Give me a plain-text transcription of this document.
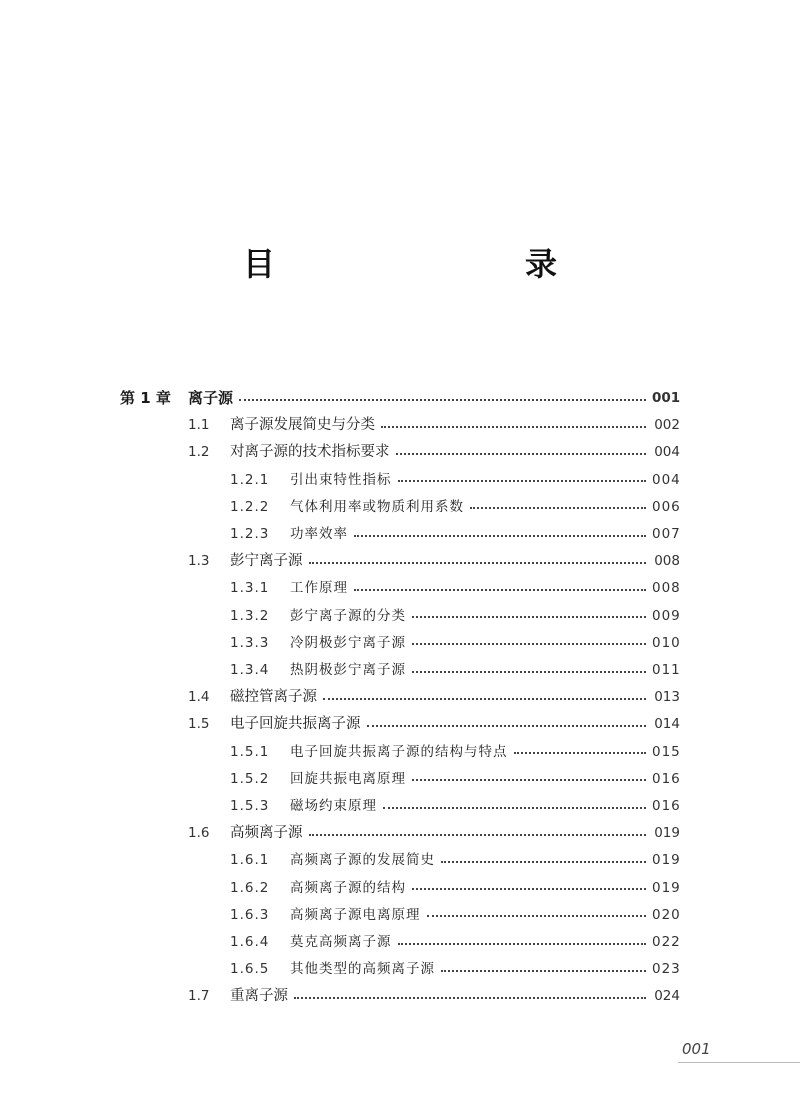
目　　录
第 1 章	离子源	001
1.1	离子源发展简史与分类	002
1.2	对离子源的技术指标要求	004
1.2.1	引出束特性指标	004
1.2.2	气体利用率或物质利用系数	006
1.2.3	功率效率	007
1.3	彭宁离子源	008
1.3.1	工作原理	008
1.3.2	彭宁离子源的分类	009
1.3.3	冷阴极彭宁离子源	010
1.3.4	热阴极彭宁离子源	011
1.4	磁控管离子源	013
1.5	电子回旋共振离子源	014
1.5.1	电子回旋共振离子源的结构与特点	015
1.5.2	回旋共振电离原理	016
1.5.3	磁场约束原理	016
1.6	高频离子源	019
1.6.1	高频离子源的发展简史	019
1.6.2	高频离子源的结构	019
1.6.3	高频离子源电离原理	020
1.6.4	莫克高频离子源	022
1.6.5	其他类型的高频离子源	023
1.7	重离子源	024
001
